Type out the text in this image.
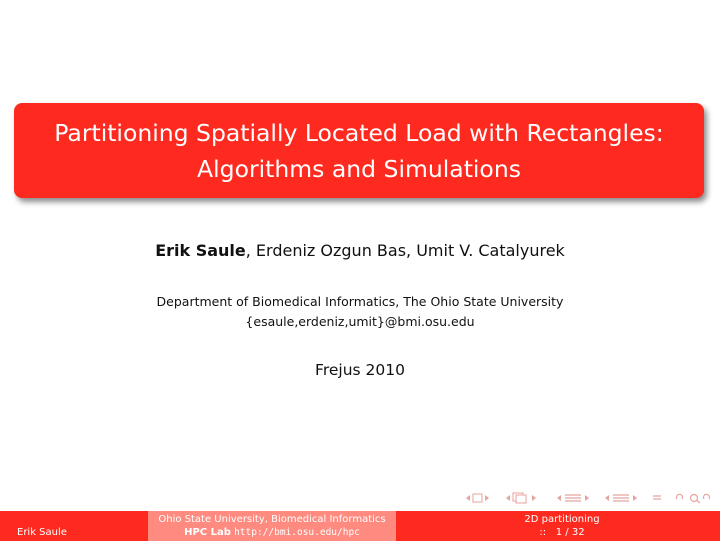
Partitioning Spatially Located Load with Rectangles:
Algorithms and Simulations
Erik Saule, Erdeniz Ozgun Bas, Umit V. Catalyurek
Department of Biomedical Informatics, The Ohio State University
{esaule,erdeniz,umit}@bmi.osu.edu
Frejus 2010
Erik Saule
Ohio State University, Biomedical Informatics
HPC Lab http://bmi.osu.edu/hpc
2D partitioning
:: 1 / 32
